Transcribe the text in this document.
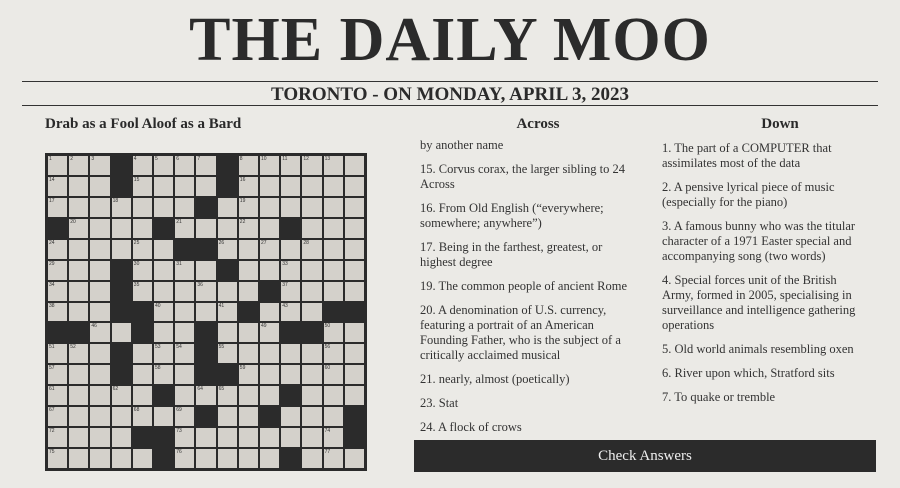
THE DAILY MOO
TORONTO - ON MONDAY, APRIL 3, 2023
Drab as a Fool Aloof as a Bard
1	2	3	4	5	6	7	8	10	11	12	13
14	15	16
17	18	19
20	21	22
24	25	26	27	28
29	30	31	33
34	35	36	37
38	40	41	43
46	49	50
51	52	53	54	55	56
57	58	59	60
61	62	64	65
67	68	69
72	73	74
75	76	77
Across	Down
by another name
15. Corvus corax, the larger sibling to 24 Across
16. From Old English (“everywhere; somewhere; anywhere”)
17. Being in the farthest, greatest, or highest degree
19. The common people of ancient Rome
20. A denomination of U.S. currency, featuring a portrait of an American Founding Father, who is the subject of a critically acclaimed musical
21. nearly, almost (poetically)
23. Stat
24. A flock of crows
1. The part of a COMPUTER that assimilates most of the data
2. A pensive lyrical piece of music (especially for the piano)
3. A famous bunny who was the titular character of a 1971 Easter special and accompanying song (two words)
4. Special forces unit of the British Army, formed in 2005, specialising in surveillance and intelligence gathering operations
5. Old world animals resembling oxen
6. River upon which, Stratford sits
7. To quake or tremble
Check Answers
